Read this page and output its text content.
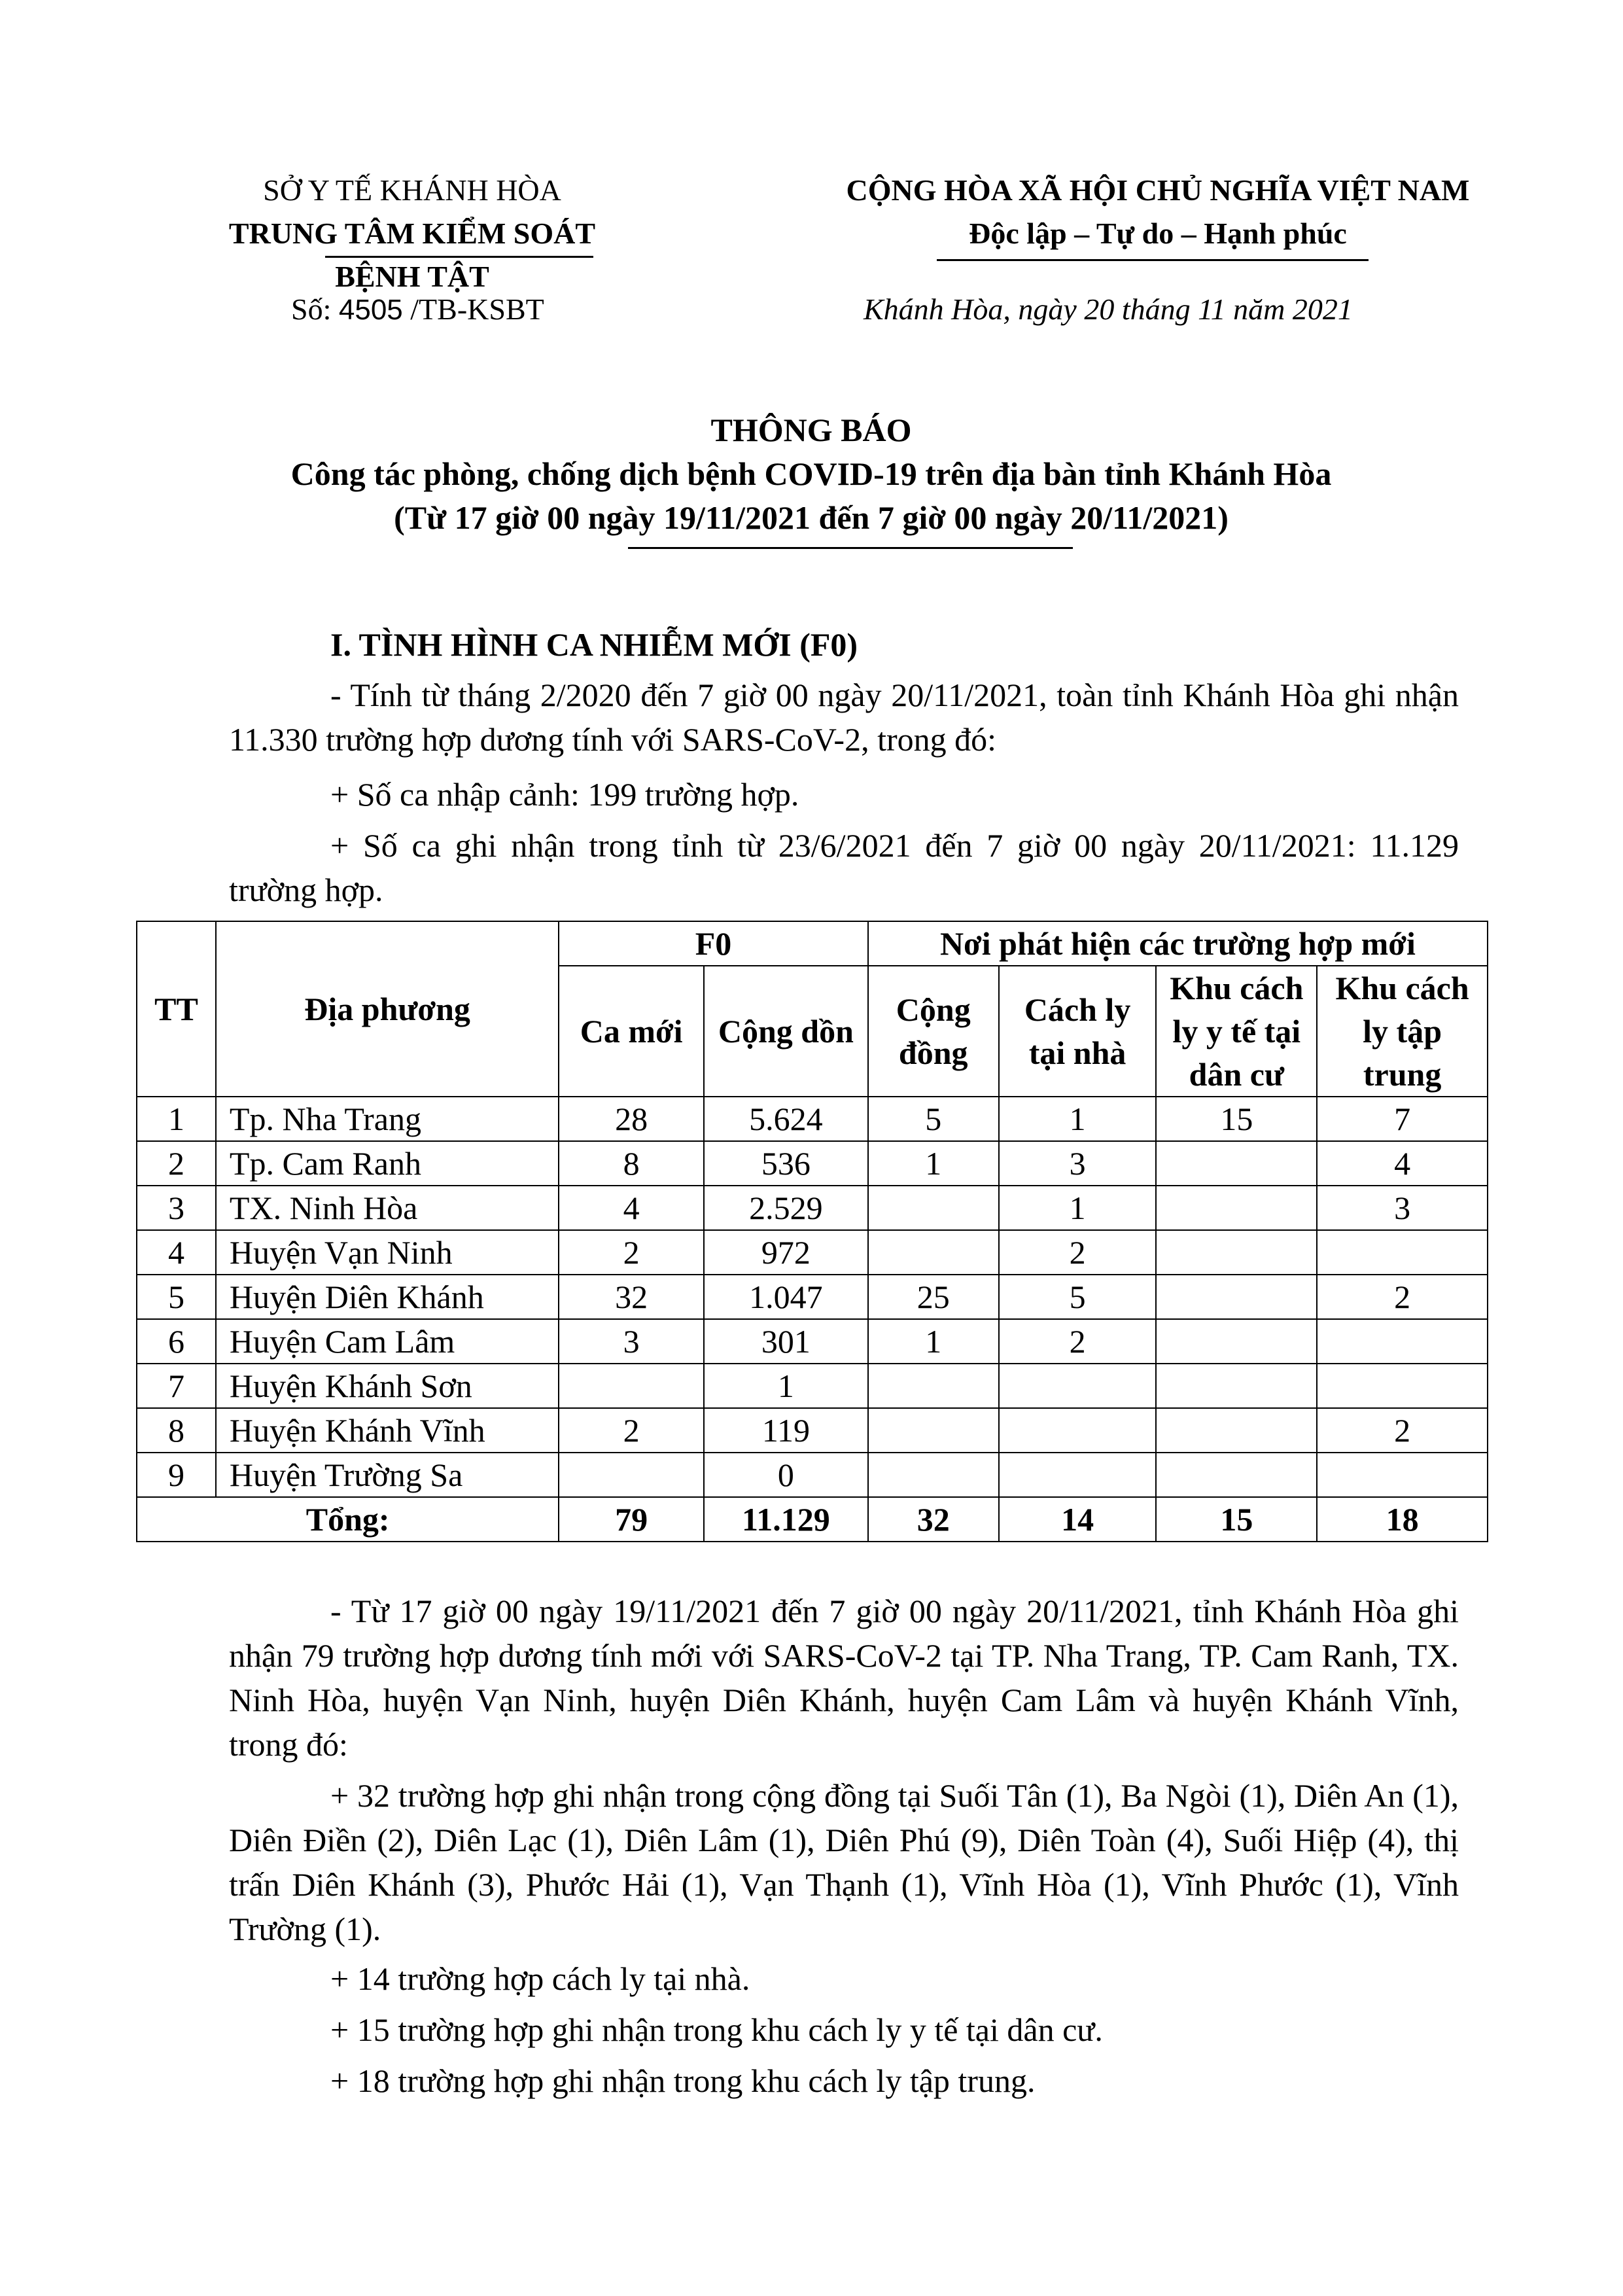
SỞ Y TẾ KHÁNH HÒA
TRUNG TÂM KIỂM SOÁT BỆNH TẬT
CỘNG HÒA XÃ HỘI CHỦ NGHĨA VIỆT NAM
Độc lập – Tự do – Hạnh phúc
Số: 4505 /TB-KSBT	Khánh Hòa, ngày 20 tháng 11 năm 2021
THÔNG BÁO
Công tác phòng, chống dịch bệnh COVID-19 trên địa bàn tỉnh Khánh Hòa
(Từ 17 giờ 00 ngày 19/11/2021 đến 7 giờ 00 ngày 20/11/2021)
I. TÌNH HÌNH CA NHIỄM MỚI (F0)
- Tính từ tháng 2/2020 đến 7 giờ 00 ngày 20/11/2021, toàn tỉnh Khánh Hòa ghi nhận 11.330 trường hợp dương tính với SARS-CoV-2, trong đó:
+ Số ca nhập cảnh: 199 trường hợp.
+ Số ca ghi nhận trong tỉnh từ 23/6/2021 đến 7 giờ 00 ngày 20/11/2021: 11.129 trường hợp.
TT	Địa phương	F0		Nơi phát hiện các trường hợp mới			
		Ca mới	Cộng dồn	Cộng đồng	Cách ly tại nhà	Khu cách ly y tế tại dân cư	Khu cách ly tập trung
1	Tp. Nha Trang	28	5.624	5	1	15	7
2	Tp. Cam Ranh	8	536	1	3		4
3	TX. Ninh Hòa	4	2.529		1		3
4	Huyện Vạn Ninh	2	972		2		
5	Huyện Diên Khánh	32	1.047	25	5		2
6	Huyện Cam Lâm	3	301	1	2		
7	Huyện Khánh Sơn		1				
8	Huyện Khánh Vĩnh	2	119				2
9	Huyện Trường Sa		0				
Tổng:		79	11.129	32	14	15	18
- Từ 17 giờ 00 ngày 19/11/2021 đến 7 giờ 00 ngày 20/11/2021, tỉnh Khánh Hòa ghi nhận 79 trường hợp dương tính mới với SARS-CoV-2 tại TP. Nha Trang, TP. Cam Ranh, TX. Ninh Hòa, huyện Vạn Ninh, huyện Diên Khánh, huyện Cam Lâm và huyện Khánh Vĩnh, trong đó:
+ 32 trường hợp ghi nhận trong cộng đồng tại Suối Tân (1), Ba Ngòi (1), Diên An (1), Diên Điền (2), Diên Lạc (1), Diên Lâm (1), Diên Phú (9), Diên Toàn (4), Suối Hiệp (4), thị trấn Diên Khánh (3), Phước Hải (1), Vạn Thạnh (1), Vĩnh Hòa (1), Vĩnh Phước (1), Vĩnh Trường (1).
+ 14 trường hợp cách ly tại nhà.
+ 15 trường hợp ghi nhận trong khu cách ly y tế tại dân cư.
+ 18 trường hợp ghi nhận trong khu cách ly tập trung.
